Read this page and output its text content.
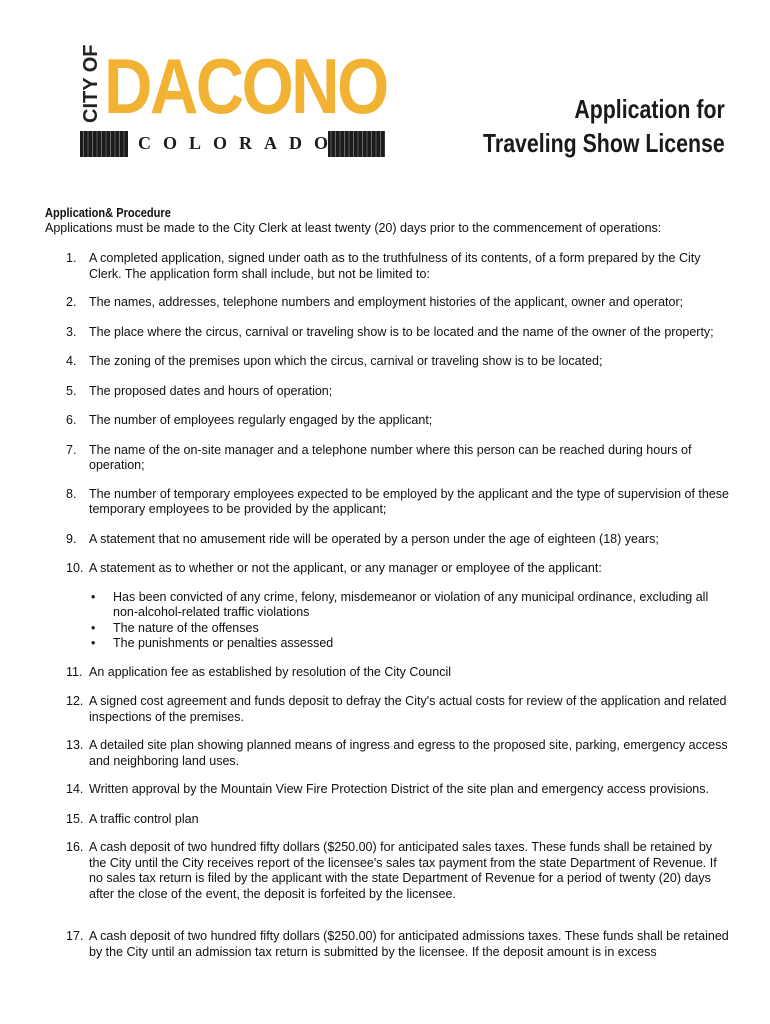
CITY OF DACONO
COLORADO
Application for
Traveling Show License
Application& Procedure
Applications must be made to the City Clerk at least twenty (20) days prior to the commencement of operations:
1. A completed application, signed under oath as to the truthfulness of its contents, of a form prepared by the City Clerk. The application form shall include, but not be limited to:
2. The names, addresses, telephone numbers and employment histories of the applicant, owner and operator;
3. The place where the circus, carnival or traveling show is to be located and the name of the owner of the property;
4. The zoning of the premises upon which the circus, carnival or traveling show is to be located;
5. The proposed dates and hours of operation;
6. The number of employees regularly engaged by the applicant;
7. The name of the on-site manager and a telephone number where this person can be reached during hours of operation;
8. The number of temporary employees expected to be employed by the applicant and the type of supervision of these temporary employees to be provided by the applicant;
9. A statement that no amusement ride will be operated by a person under the age of eighteen (18) years;
10. A statement as to whether or not the applicant, or any manager or employee of the applicant:
• Has been convicted of any crime, felony, misdemeanor or violation of any municipal ordinance, excluding all non-alcohol-related traffic violations
• The nature of the offenses
• The punishments or penalties assessed
11. An application fee as established by resolution of the City Council
12. A signed cost agreement and funds deposit to defray the City's actual costs for review of the application and related inspections of the premises.
13. A detailed site plan showing planned means of ingress and egress to the proposed site, parking, emergency access and neighboring land uses.
14. Written approval by the Mountain View Fire Protection District of the site plan and emergency access provisions.
15. A traffic control plan
16. A cash deposit of two hundred fifty dollars ($250.00) for anticipated sales taxes. These funds shall be retained by the City until the City receives report of the licensee's sales tax payment from the state Department of Revenue. If no sales tax return is filed by the applicant with the state Department of Revenue for a period of twenty (20) days after the close of the event, the deposit is forfeited by the licensee.
17. A cash deposit of two hundred fifty dollars ($250.00) for anticipated admissions taxes. These funds shall be retained by the City until an admission tax return is submitted by the licensee. If the deposit amount is in excess
